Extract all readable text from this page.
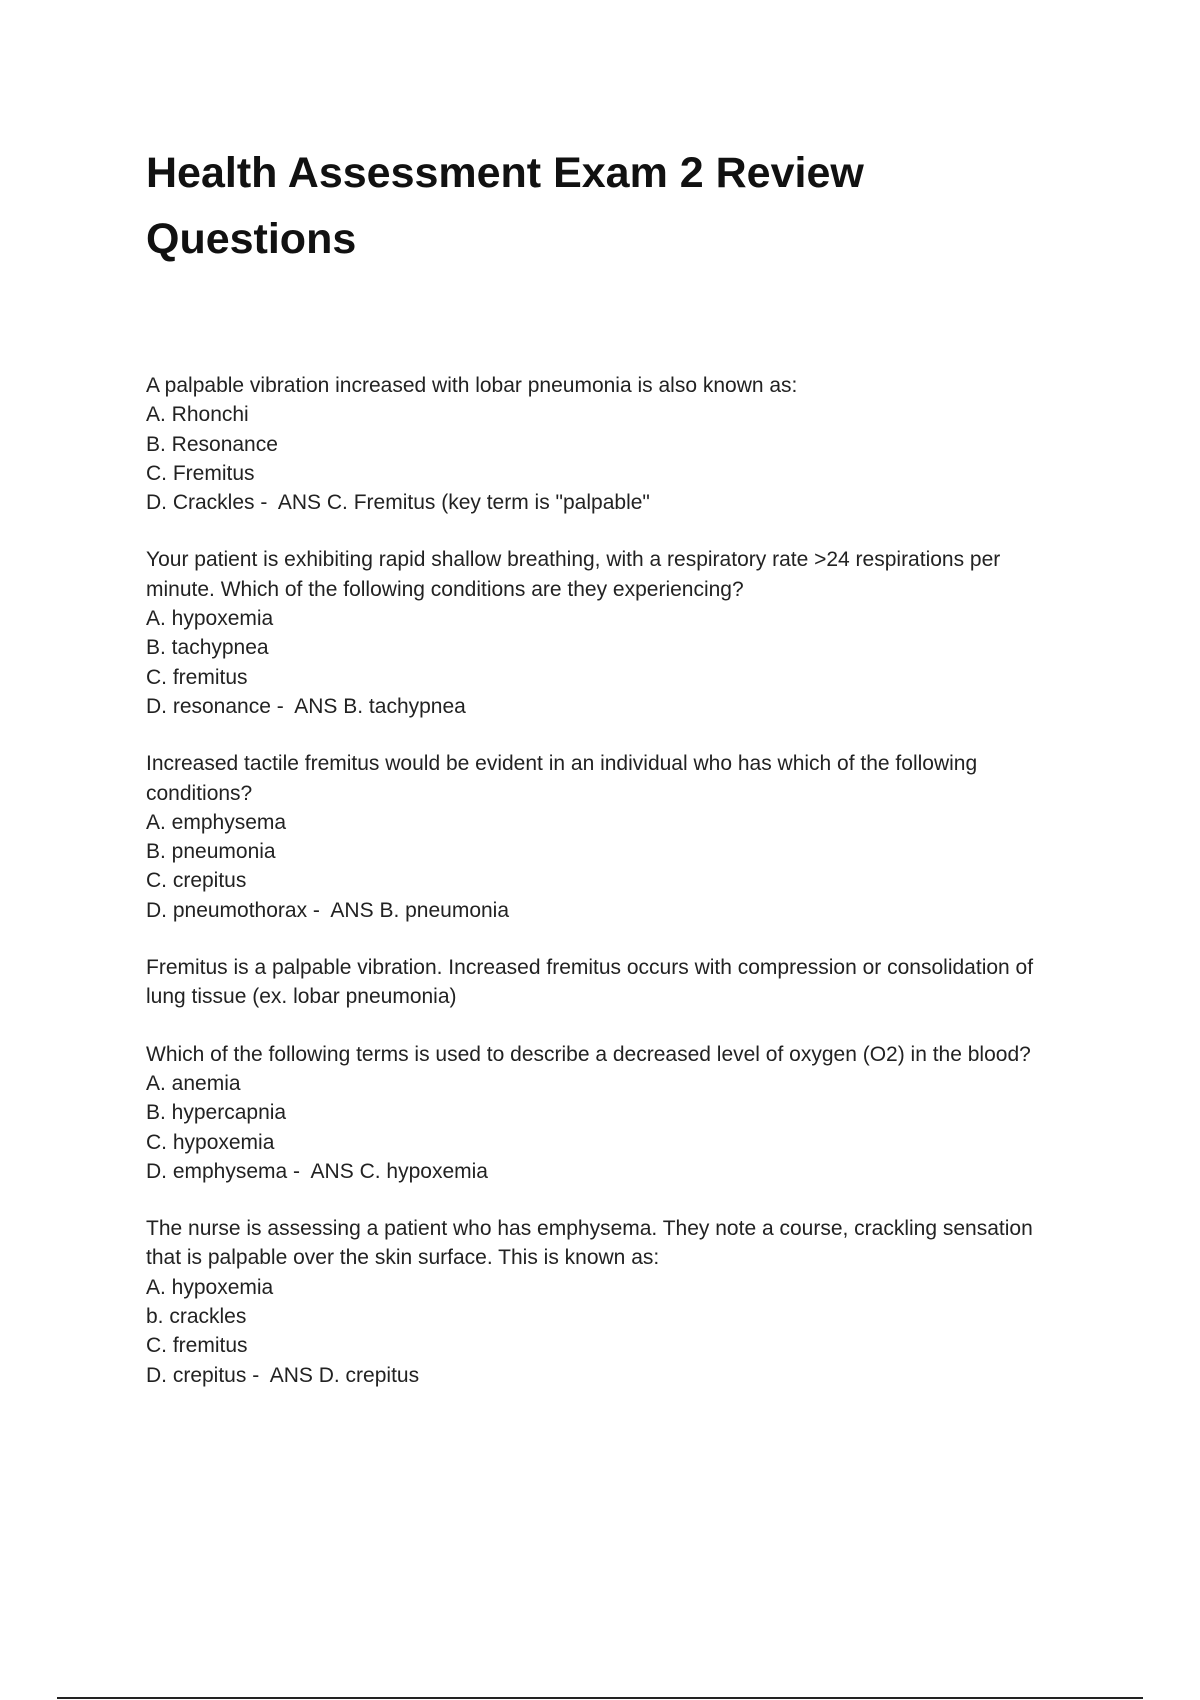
Health Assessment Exam 2 Review
Questions
A palpable vibration increased with lobar pneumonia is also known as:
A. Rhonchi
B. Resonance
C. Fremitus
D. Crackles -  ANS C. Fremitus (key term is "palpable"
Your patient is exhibiting rapid shallow breathing, with a respiratory rate >24 respirations per
minute. Which of the following conditions are they experiencing?
A. hypoxemia
B. tachypnea
C. fremitus
D. resonance -  ANS B. tachypnea
Increased tactile fremitus would be evident in an individual who has which of the following
conditions?
A. emphysema
B. pneumonia
C. crepitus
D. pneumothorax -  ANS B. pneumonia
Fremitus is a palpable vibration. Increased fremitus occurs with compression or consolidation of
lung tissue (ex. lobar pneumonia)
Which of the following terms is used to describe a decreased level of oxygen (O2) in the blood?
A. anemia
B. hypercapnia
C. hypoxemia
D. emphysema -  ANS C. hypoxemia
The nurse is assessing a patient who has emphysema. They note a course, crackling sensation
that is palpable over the skin surface. This is known as:
A. hypoxemia
b. crackles
C. fremitus
D. crepitus -  ANS D. crepitus
